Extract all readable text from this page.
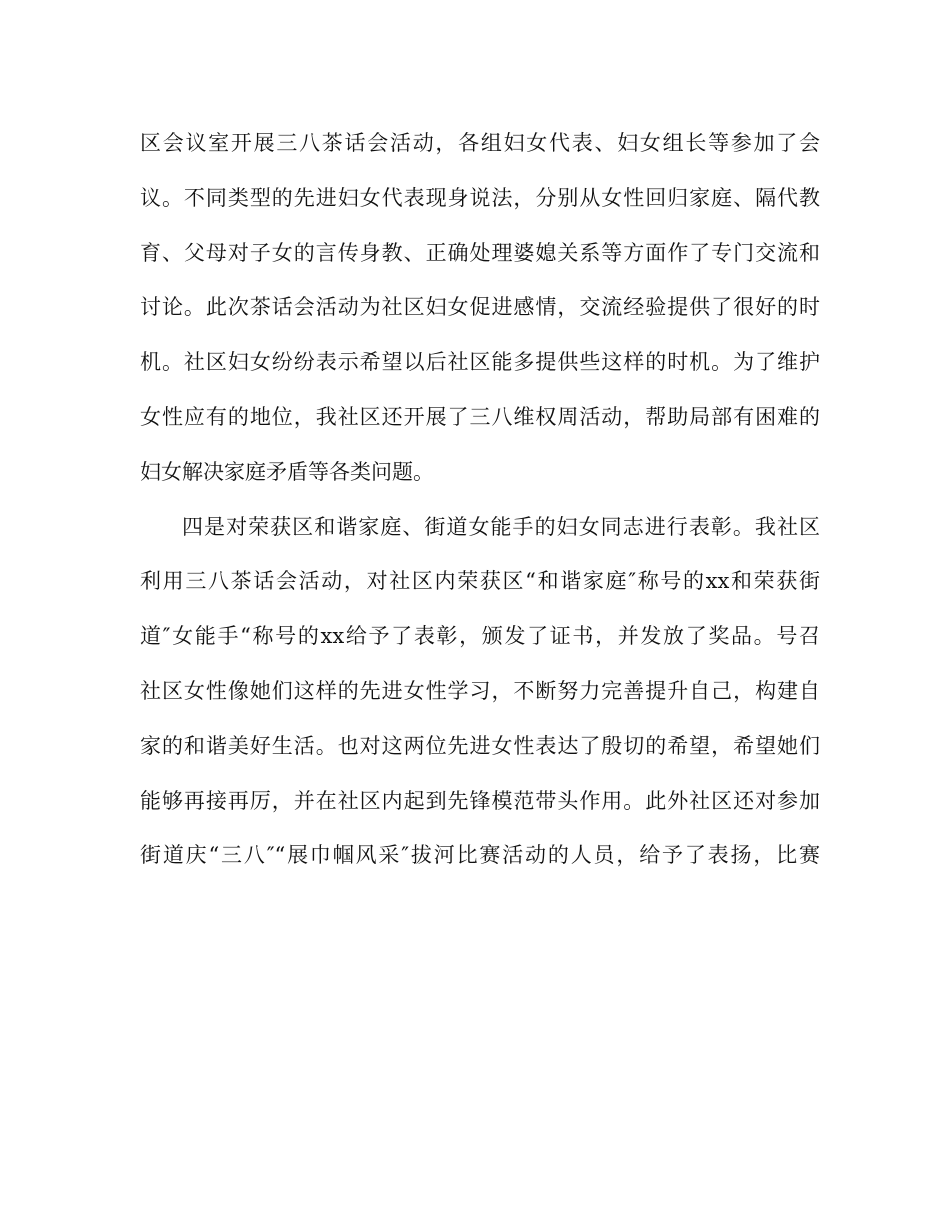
区会议室开展三八茶话会活动，各组妇女代表、妇女组长等参加了会
议。不同类型的先进妇女代表现身说法，分别从女性回归家庭、隔代教
育、父母对子女的言传身教、正确处理婆媳关系等方面作了专门交流和
讨论。此次茶话会活动为社区妇女促进感情，交流经验提供了很好的时
机。社区妇女纷纷表示希望以后社区能多提供些这样的时机。为了维护
女性应有的地位，我社区还开展了三八维权周活动，帮助局部有困难的
妇女解决家庭矛盾等各类问题。
四是对荣获区和谐家庭、街道女能手的妇女同志进行表彰。我社区
利用三八茶话会活动，对社区内荣获区“和谐家庭″称号的xx和荣获街
道″女能手“称号的xx给予了表彰，颁发了证书，并发放了奖品。号召
社区女性像她们这样的先进女性学习，不断努力完善提升自己，构建自
家的和谐美好生活。也对这两位先进女性表达了殷切的希望，希望她们
能够再接再厉，并在社区内起到先锋模范带头作用。此外社区还对参加
街道庆“三八″“展巾帼风采″拔河比赛活动的人员，给予了表扬，比赛
